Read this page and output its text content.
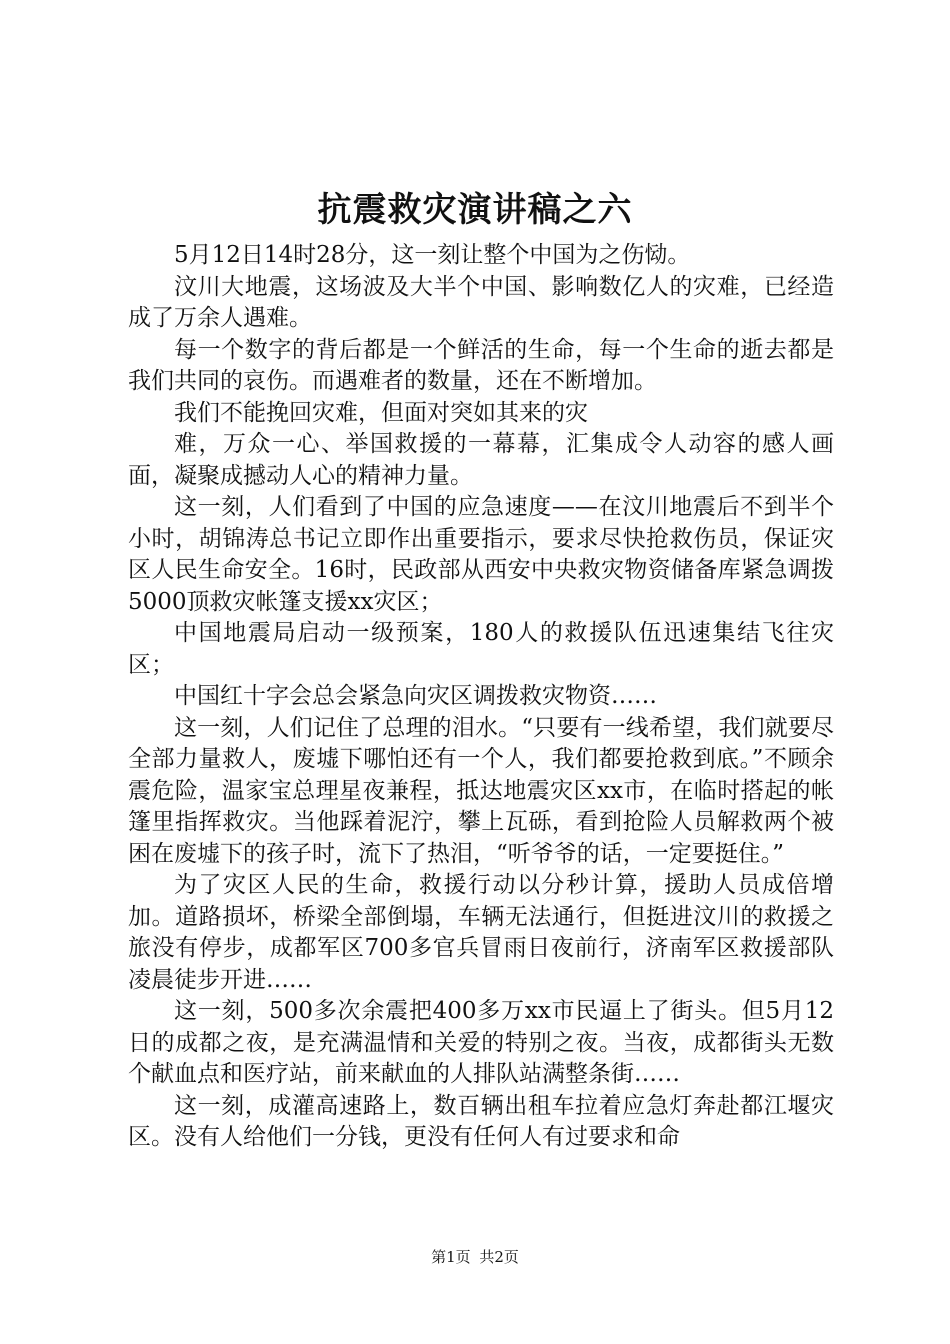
抗震救灾演讲稿之六

5月12日14时28分，这一刻让整个中国为之伤恸。

汶川大地震，这场波及大半个中国、影响数亿人的灾难，已经造成了万余人遇难。

每一个数字的背后都是一个鲜活的生命，每一个生命的逝去都是我们共同的哀伤。而遇难者的数量，还在不断增加。

我们不能挽回灾难，但面对突如其来的灾

难，万众一心、举国救援的一幕幕，汇集成令人动容的感人画面，凝聚成撼动人心的精神力量。

这一刻，人们看到了中国的应急速度——在汶川地震后不到半个小时，胡锦涛总书记立即作出重要指示，要求尽快抢救伤员，保证灾区人民生命安全。16时，民政部从西安中央救灾物资储备库紧急调拨5000顶救灾帐篷支援xx灾区；

中国地震局启动一级预案，180人的救援队伍迅速集结飞往灾区；

中国红十字会总会紧急向灾区调拨救灾物资……

这一刻，人们记住了总理的泪水。“只要有一线希望，我们就要尽全部力量救人，废墟下哪怕还有一个人，我们都要抢救到底。”不顾余震危险，温家宝总理星夜兼程，抵达地震灾区xx市，在临时搭起的帐篷里指挥救灾。当他踩着泥泞，攀上瓦砾，看到抢险人员解救两个被困在废墟下的孩子时，流下了热泪，“听爷爷的话，一定要挺住。”

为了灾区人民的生命，救援行动以分秒计算，援助人员成倍增加。道路损坏，桥梁全部倒塌，车辆无法通行，但挺进汶川的救援之旅没有停步，成都军区700多官兵冒雨日夜前行，济南军区救援部队凌晨徒步开进……

这一刻，500多次余震把400多万xx市民逼上了街头。但5月12日的成都之夜，是充满温情和关爱的特别之夜。当夜，成都街头无数个献血点和医疗站，前来献血的人排队站满整条街……

这一刻，成灌高速路上，数百辆出租车拉着应急灯奔赴都江堰灾区。没有人给他们一分钱，更没有任何人有过要求和命

第1页 共2页
